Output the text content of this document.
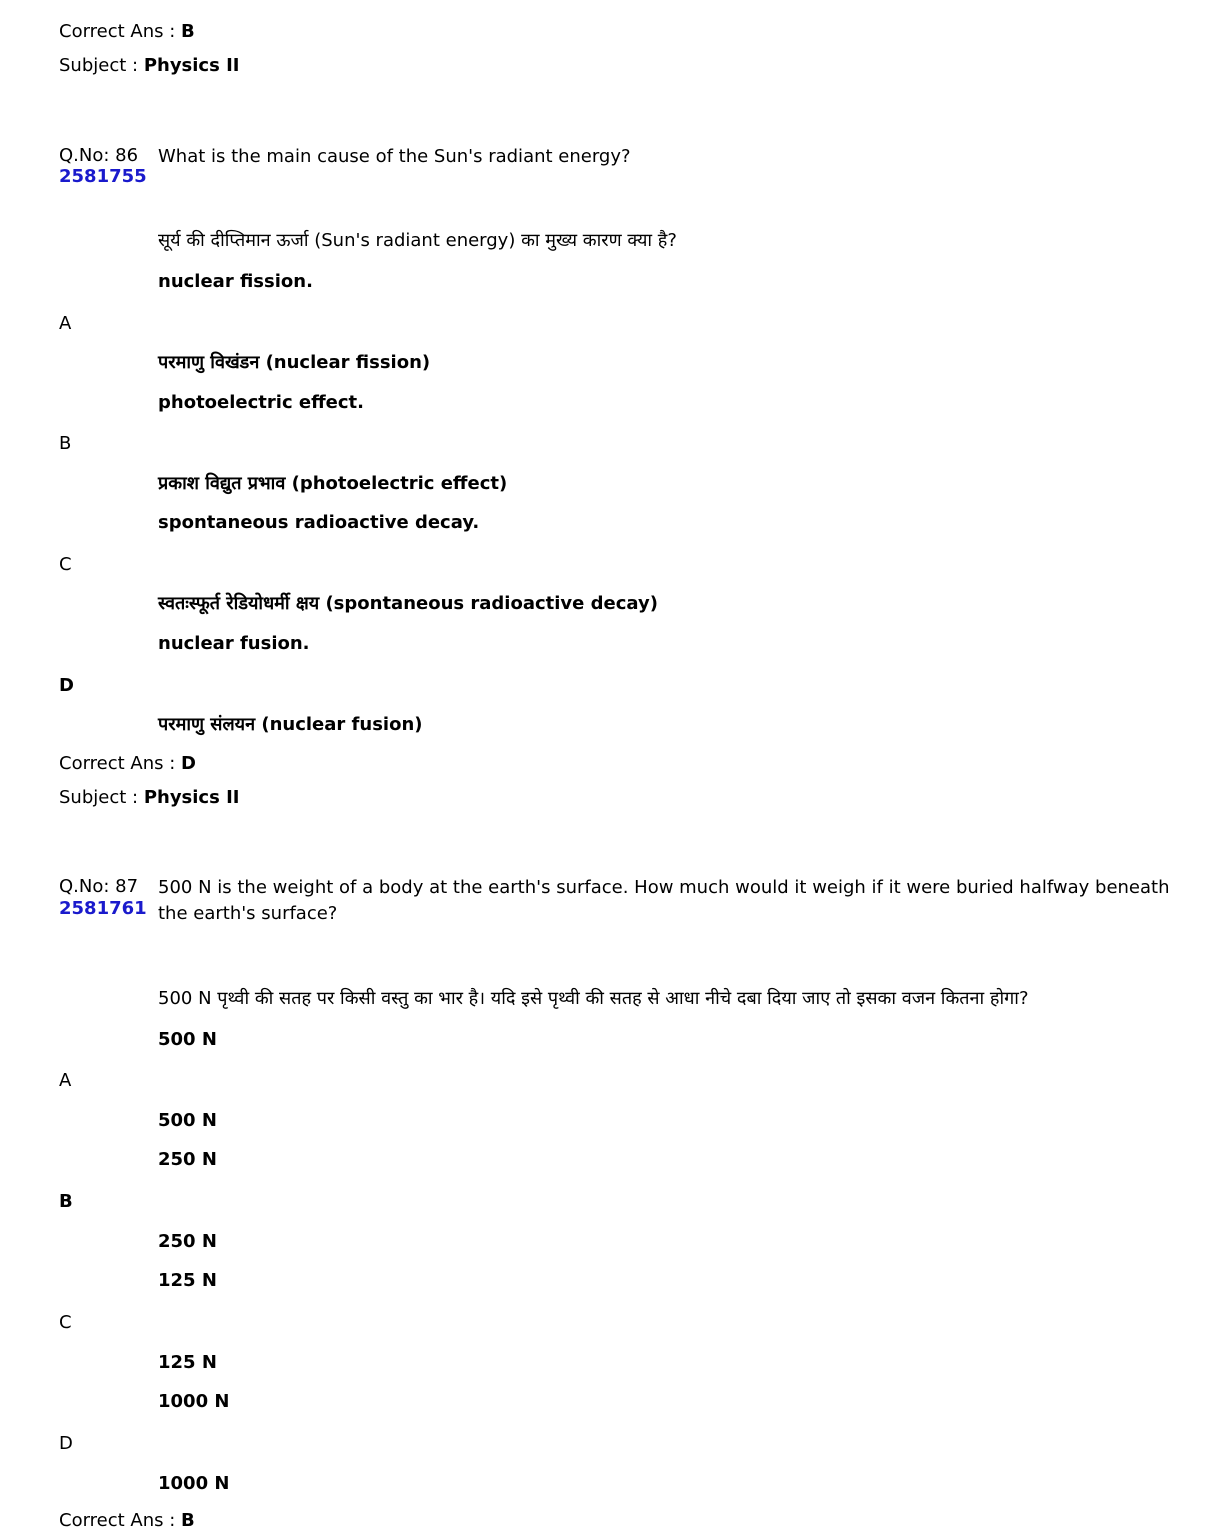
Correct Ans : B
Subject : Physics II
Q.No: 86
2581755
What is the main cause of the Sun's radiant energy?
सूर्य की दीप्तिमान ऊर्जा (Sun's radiant energy) का मुख्य कारण क्या है?
nuclear fission.
A
परमाणु विखंडन (nuclear fission)
photoelectric effect.
B
प्रकाश विद्युत प्रभाव (photoelectric effect)
spontaneous radioactive decay.
C
स्वतःस्फूर्त रेडियोधर्मी क्षय (spontaneous radioactive decay)
nuclear fusion.
D
परमाणु संलयन (nuclear fusion)
Correct Ans : D
Subject : Physics II
Q.No: 87
2581761
500 N is the weight of a body at the earth's surface. How much would it weigh if it were buried halfway beneath the earth's surface?
500 N पृथ्वी की सतह पर किसी वस्तु का भार है। यदि इसे पृथ्वी की सतह से आधा नीचे दबा दिया जाए तो इसका वजन कितना होगा?
500 N
A
500 N
250 N
B
250 N
125 N
C
125 N
1000 N
D
1000 N
Correct Ans : B
